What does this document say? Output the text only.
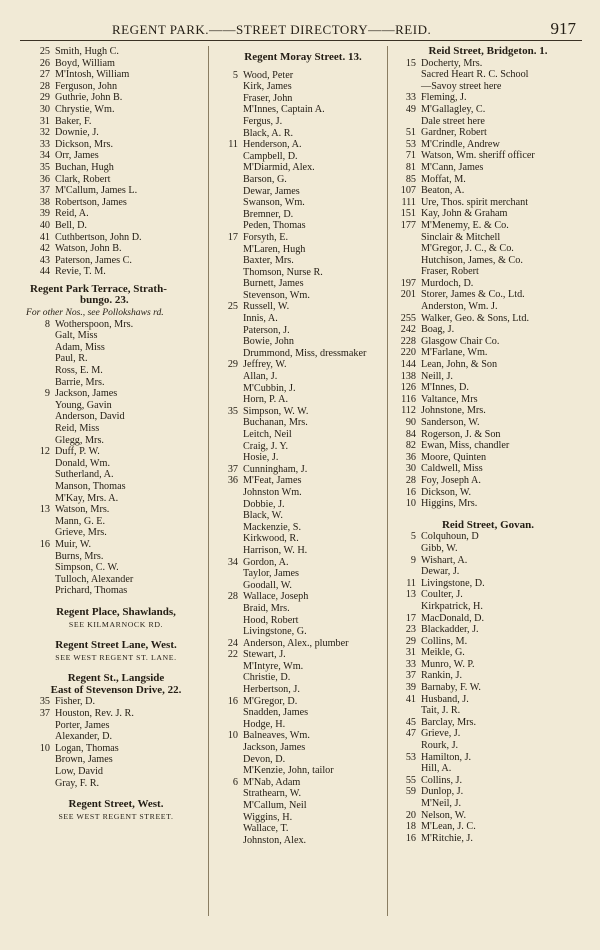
REGENT PARK.——STREET DIRECTORY——REID.	917
25 Smith, Hugh C.
26 Boyd, William
27 M'Intosh, William
28 Ferguson, John
29 Guthrie, John B.
30 Chrystie, Wm.
31 Baker, F.
32 Downie, J.
33 Dickson, Mrs.
34 Orr, James
35 Buchan, Hugh
36 Clark, Robert
37 M'Callum, James L.
38 Robertson, James
39 Reid, A.
40 Bell, D.
41 Cuthbertson, John D.
42 Watson, John B.
43 Paterson, James C.
44 Revie, T. M.
Regent Park Terrace, Strath-
bungo. 23.
For other Nos., see Pollokshaws rd.
8 Wotherspoon, Mrs.
Galt, Miss
Adam, Miss
Paul, R.
Ross, E. M.
Barrie, Mrs.
9 Jackson, James
Young, Gavin
Anderson, David
Reid, Miss
Glegg, Mrs.
12 Duff, P. W.
Donald, Wm.
Sutherland, A.
Manson, Thomas
M'Kay, Mrs. A.
13 Watson, Mrs.
Mann, G. E.
Grieve, Mrs.
16 Muir, W.
Burns, Mrs.
Simpson, C. W.
Tulloch, Alexander
Prichard, Thomas
Regent Place, Shawlands,
SEE KILMARNOCK RD.
Regent Street Lane, West.
SEE WEST REGENT ST. LANE.
Regent St., Langside
East of Stevenson Drive, 22.
35 Fisher, D.
37 Houston, Rev. J. R.
Porter, James
Alexander, D.
10 Logan, Thomas
Brown, James
Low, David
Gray, F. R.
Regent Street, West.
SEE WEST REGENT STREET.
Regent Moray Street. 13.
5 Wood, Peter
Kirk, James
Fraser, John
M'Innes, Captain A.
Fergus, J.
Black, A. R.
11 Henderson, A.
Campbell, D.
M'Diarmid, Alex.
Barson, G.
Dewar, James
Swanson, Wm.
Bremner, D.
Peden, Thomas
17 Forsyth, E.
M'Laren, Hugh
Baxter, Mrs.
Thomson, Nurse R.
Burnett, James
Stevenson, Wm.
25 Russell, W.
Innis, A.
Paterson, J.
Bowie, John
Drummond, Miss, dressmaker
29 Jeffrey, W.
Allan, J.
M'Cubbin, J.
Horn, P. A.
35 Simpson, W. W.
Buchanan, Mrs.
Leitch, Neil
Craig, J. Y.
Hosie, J.
37 Cunningham, J.
36 M'Feat, James
Johnston Wm.
Dobbie, J.
Black, W.
Mackenzie, S.
Kirkwood, R.
Harrison, W. H.
34 Gordon, A.
Taylor, James
Goodall, W.
28 Wallace, Joseph
Braid, Mrs.
Hood, Robert
Livingstone, G.
24 Anderson, Alex., plumber
22 Stewart, J.
M'Intyre, Wm.
Christie, D.
Herbertson, J.
16 M'Gregor, D.
Snadden, James
Hodge, H.
10 Balneaves, Wm.
Jackson, James
Devon, D.
M'Kenzie, John, tailor
6 M'Nab, Adam
Strathearn, W.
M'Callum, Neil
Wiggins, H.
Wallace, T.
Johnston, Alex.
Reid Street, Bridgeton. 1.
15 Docherty, Mrs.
Sacred Heart R. C. School
—Savoy street here
33 Fleming, J.
49 M'Gallagley, C.
Dale street here
51 Gardner, Robert
53 M'Crindle, Andrew
71 Watson, Wm. sheriff officer
81 M'Cann, James
85 Moffat, M.
107 Beaton, A.
111 Ure, Thos. spirit merchant
151 Kay, John & Graham
177 M'Menemy, E. & Co.
Sinclair & Mitchell
M'Gregor, J. C., & Co.
Hutchison, James, & Co.
Fraser, Robert
197 Murdoch, D.
201 Storer, James & Co., Ltd.
Anderston, Wm. J.
255 Walker, Geo. & Sons, Ltd.
242 Boag, J.
228 Glasgow Chair Co.
220 M'Farlane, Wm.
144 Lean, John, & Son
138 Neill, J.
126 M'Innes, D.
116 Valtance, Mrs
112 Johnstone, Mrs.
90 Sanderson, W.
84 Rogerson, J. & Son
82 Ewan, Miss, chandler
36 Moore, Quinten
30 Caldwell, Miss
28 Foy, Joseph A.
16 Dickson, W.
10 Higgins, Mrs.
Reid Street, Govan.
5 Colquhoun, D
Gibb, W.
9 Wishart, A.
Dewar, J.
11 Livingstone, D.
13 Coulter, J.
Kirkpatrick, H.
17 MacDonald, D.
23 Blackadder, J.
29 Collins, M.
31 Meikle, G.
33 Munro, W. P.
37 Rankin, J.
39 Barnaby, F. W.
41 Husband, J.
Tait, J. R.
45 Barclay, Mrs.
47 Grieve, J.
Rourk, J.
53 Hamilton, J.
Hill, A.
55 Collins, J.
59 Dunlop, J.
M'Neil, J.
20 Nelson, W.
18 M'Lean, J. C.
16 M'Ritchie, J.
